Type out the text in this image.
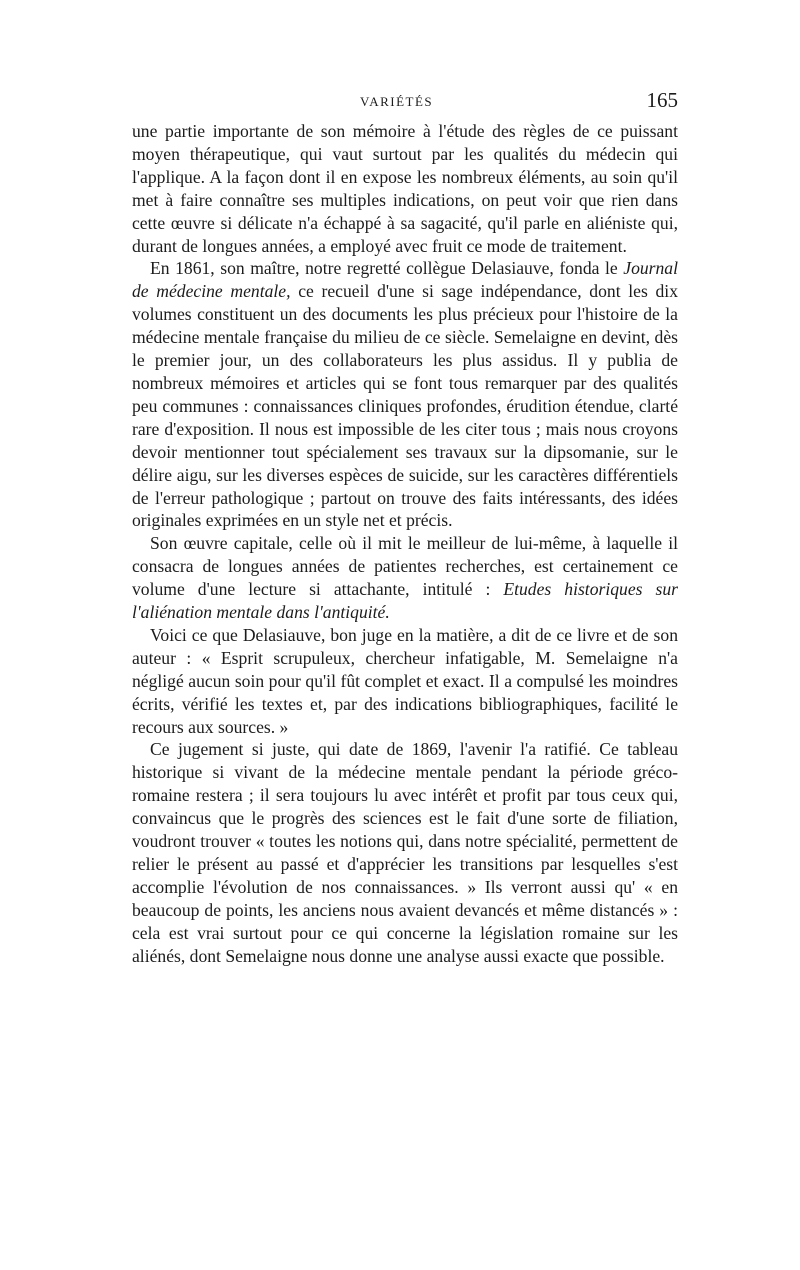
VARIÉTÉS	165

une partie importante de son mémoire à l'étude des règles de ce puissant moyen thérapeutique, qui vaut surtout par les qualités du médecin qui l'applique. A la façon dont il en expose les nombreux éléments, au soin qu'il met à faire connaître ses multiples indications, on peut voir que rien dans cette œuvre si délicate n'a échappé à sa sagacité, qu'il parle en aliéniste qui, durant de longues années, a employé avec fruit ce mode de traitement.

En 1861, son maître, notre regretté collègue Delasiauve, fonda le Journal de médecine mentale, ce recueil d'une si sage indépendance, dont les dix volumes constituent un des documents les plus précieux pour l'histoire de la médecine mentale française du milieu de ce siècle. Semelaigne en devint, dès le premier jour, un des collaborateurs les plus assidus. Il y publia de nombreux mémoires et articles qui se font tous remarquer par des qualités peu communes : connaissances cliniques profondes, érudition étendue, clarté rare d'exposition. Il nous est impossible de les citer tous ; mais nous croyons devoir mentionner tout spécialement ses travaux sur la dipsomanie, sur le délire aigu, sur les diverses espèces de suicide, sur les caractères différentiels de l'erreur pathologique ; partout on trouve des faits intéressants, des idées originales exprimées en un style net et précis.

Son œuvre capitale, celle où il mit le meilleur de lui-même, à laquelle il consacra de longues années de patientes recherches, est certainement ce volume d'une lecture si attachante, intitulé : Etudes historiques sur l'aliénation mentale dans l'antiquité.

Voici ce que Delasiauve, bon juge en la matière, a dit de ce livre et de son auteur : « Esprit scrupuleux, chercheur infatigable, M. Semelaigne n'a négligé aucun soin pour qu'il fût complet et exact. Il a compulsé les moindres écrits, vérifié les textes et, par des indications bibliographiques, facilité le recours aux sources. »

Ce jugement si juste, qui date de 1869, l'avenir l'a ratifié. Ce tableau historique si vivant de la médecine mentale pendant la période gréco-romaine restera ; il sera toujours lu avec intérêt et profit par tous ceux qui, convaincus que le progrès des sciences est le fait d'une sorte de filiation, voudront trouver « toutes les notions qui, dans notre spécialité, permettent de relier le présent au passé et d'apprécier les transitions par lesquelles s'est accomplie l'évolution de nos connaissances. » Ils verront aussi qu' « en beaucoup de points, les anciens nous avaient devancés et même distancés » : cela est vrai surtout pour ce qui concerne la législation romaine sur les aliénés, dont Semelaigne nous donne une analyse aussi exacte que possible.
